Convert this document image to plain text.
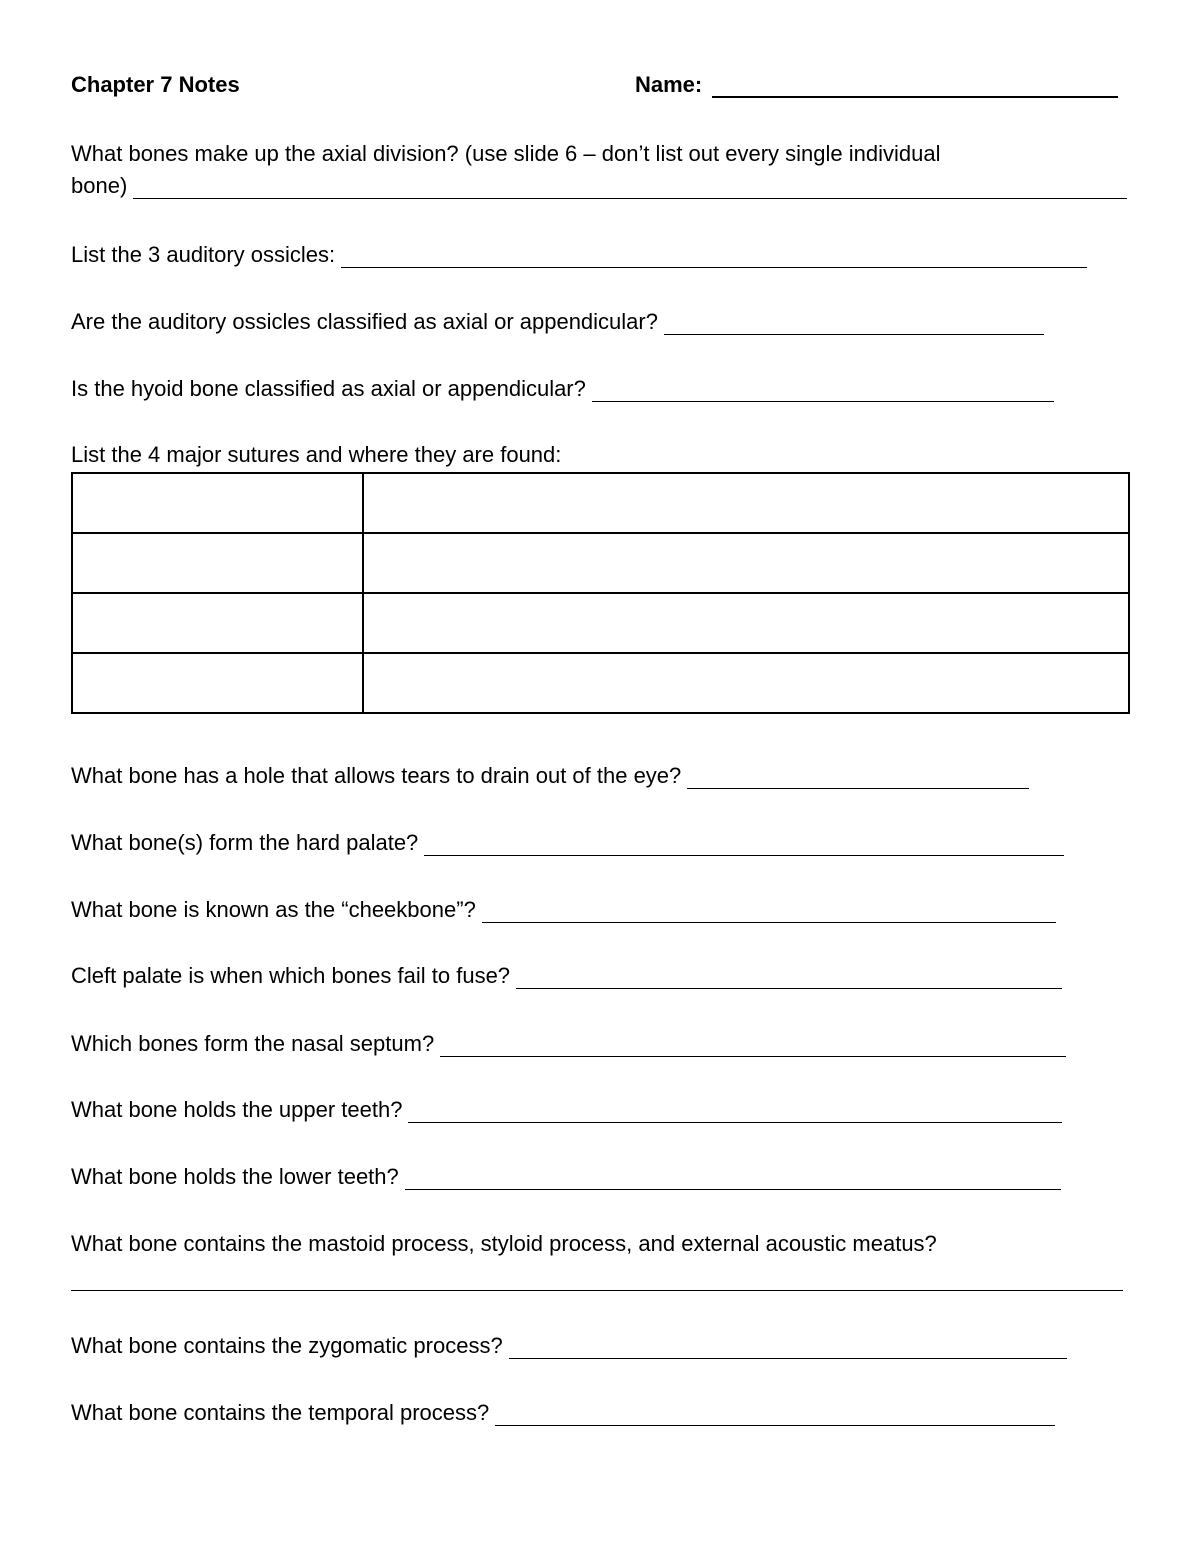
Chapter 7 Notes	Name:
What bones make up the axial division? (use slide 6 – don’t list out every single individual
bone)
List the 3 auditory ossicles:
Are the auditory ossicles classified as axial or appendicular?
Is the hyoid bone classified as axial or appendicular?
List the 4 major sutures and where they are found:

What bone has a hole that allows tears to drain out of the eye?
What bone(s) form the hard palate?
What bone is known as the “cheekbone”?
Cleft palate is when which bones fail to fuse?
Which bones form the nasal septum?
What bone holds the upper teeth?
What bone holds the lower teeth?
What bone contains the mastoid process, styloid process, and external acoustic meatus?
What bone contains the zygomatic process?
What bone contains the temporal process?
